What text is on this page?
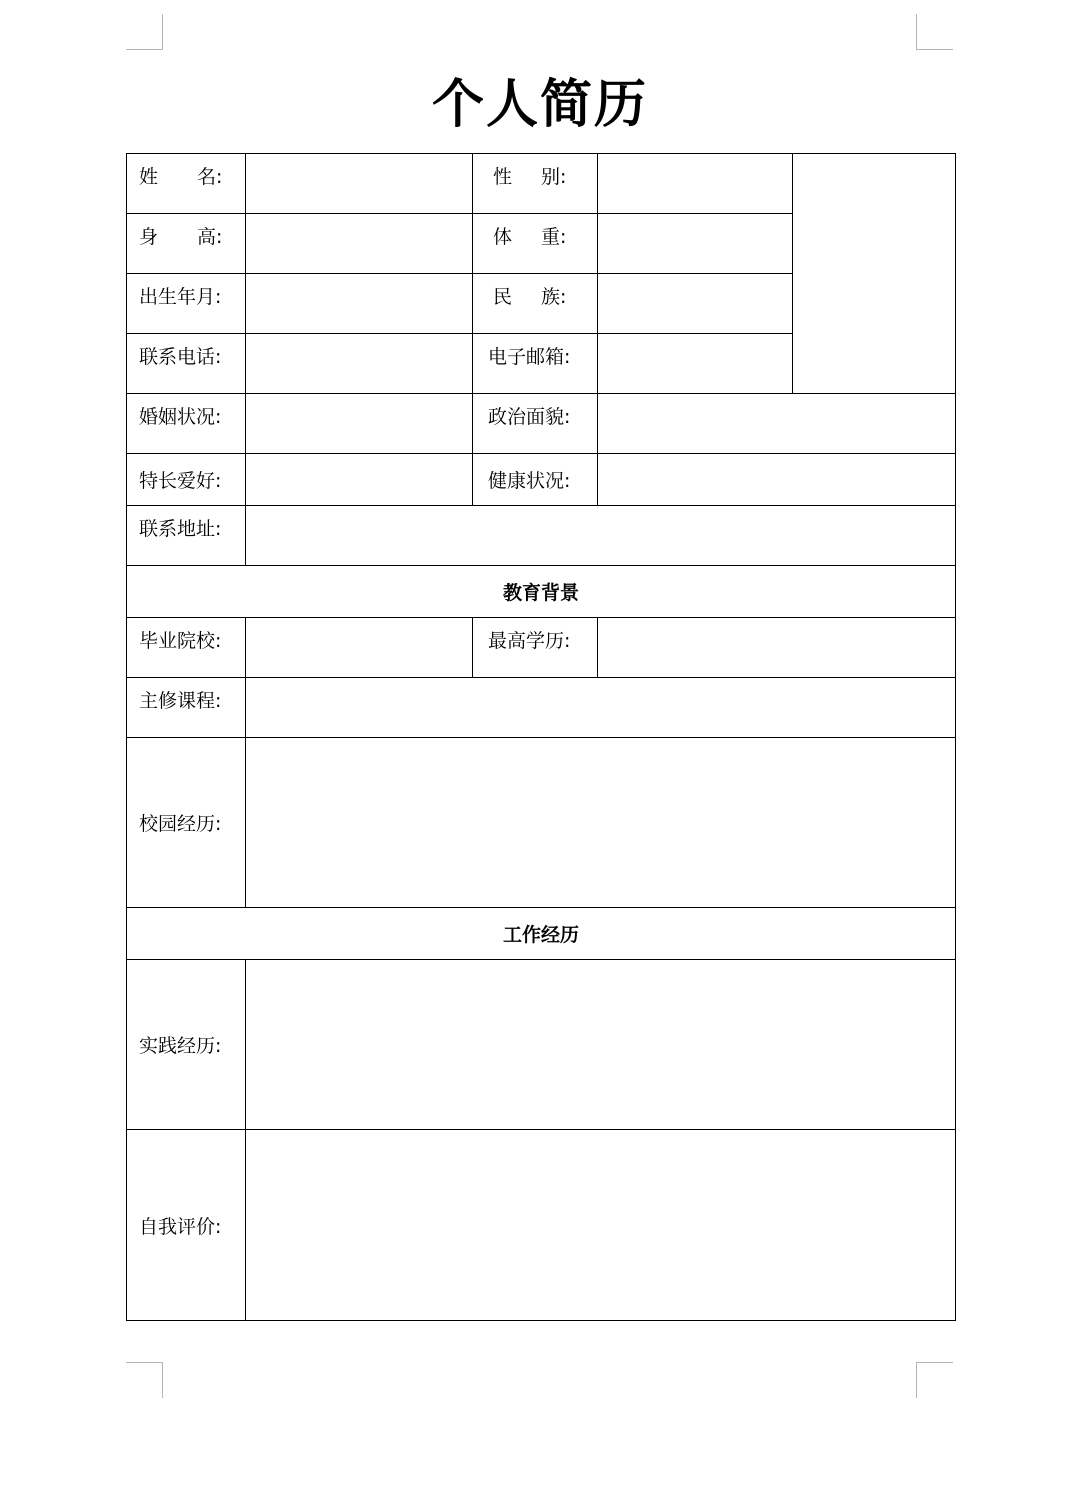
个人简历
姓 名:		性 别:		
身 高:		体 重:		
出生年月:		民 族:		
联系电话:		电子邮箱:		
婚姻状况:		政治面貌:		
特长爱好:		健康状况:		
联系地址:				
教育背景				
毕业院校:		最高学历:		
主修课程:				
校园经历:				
工作经历				
实践经历:				
自我评价:				
